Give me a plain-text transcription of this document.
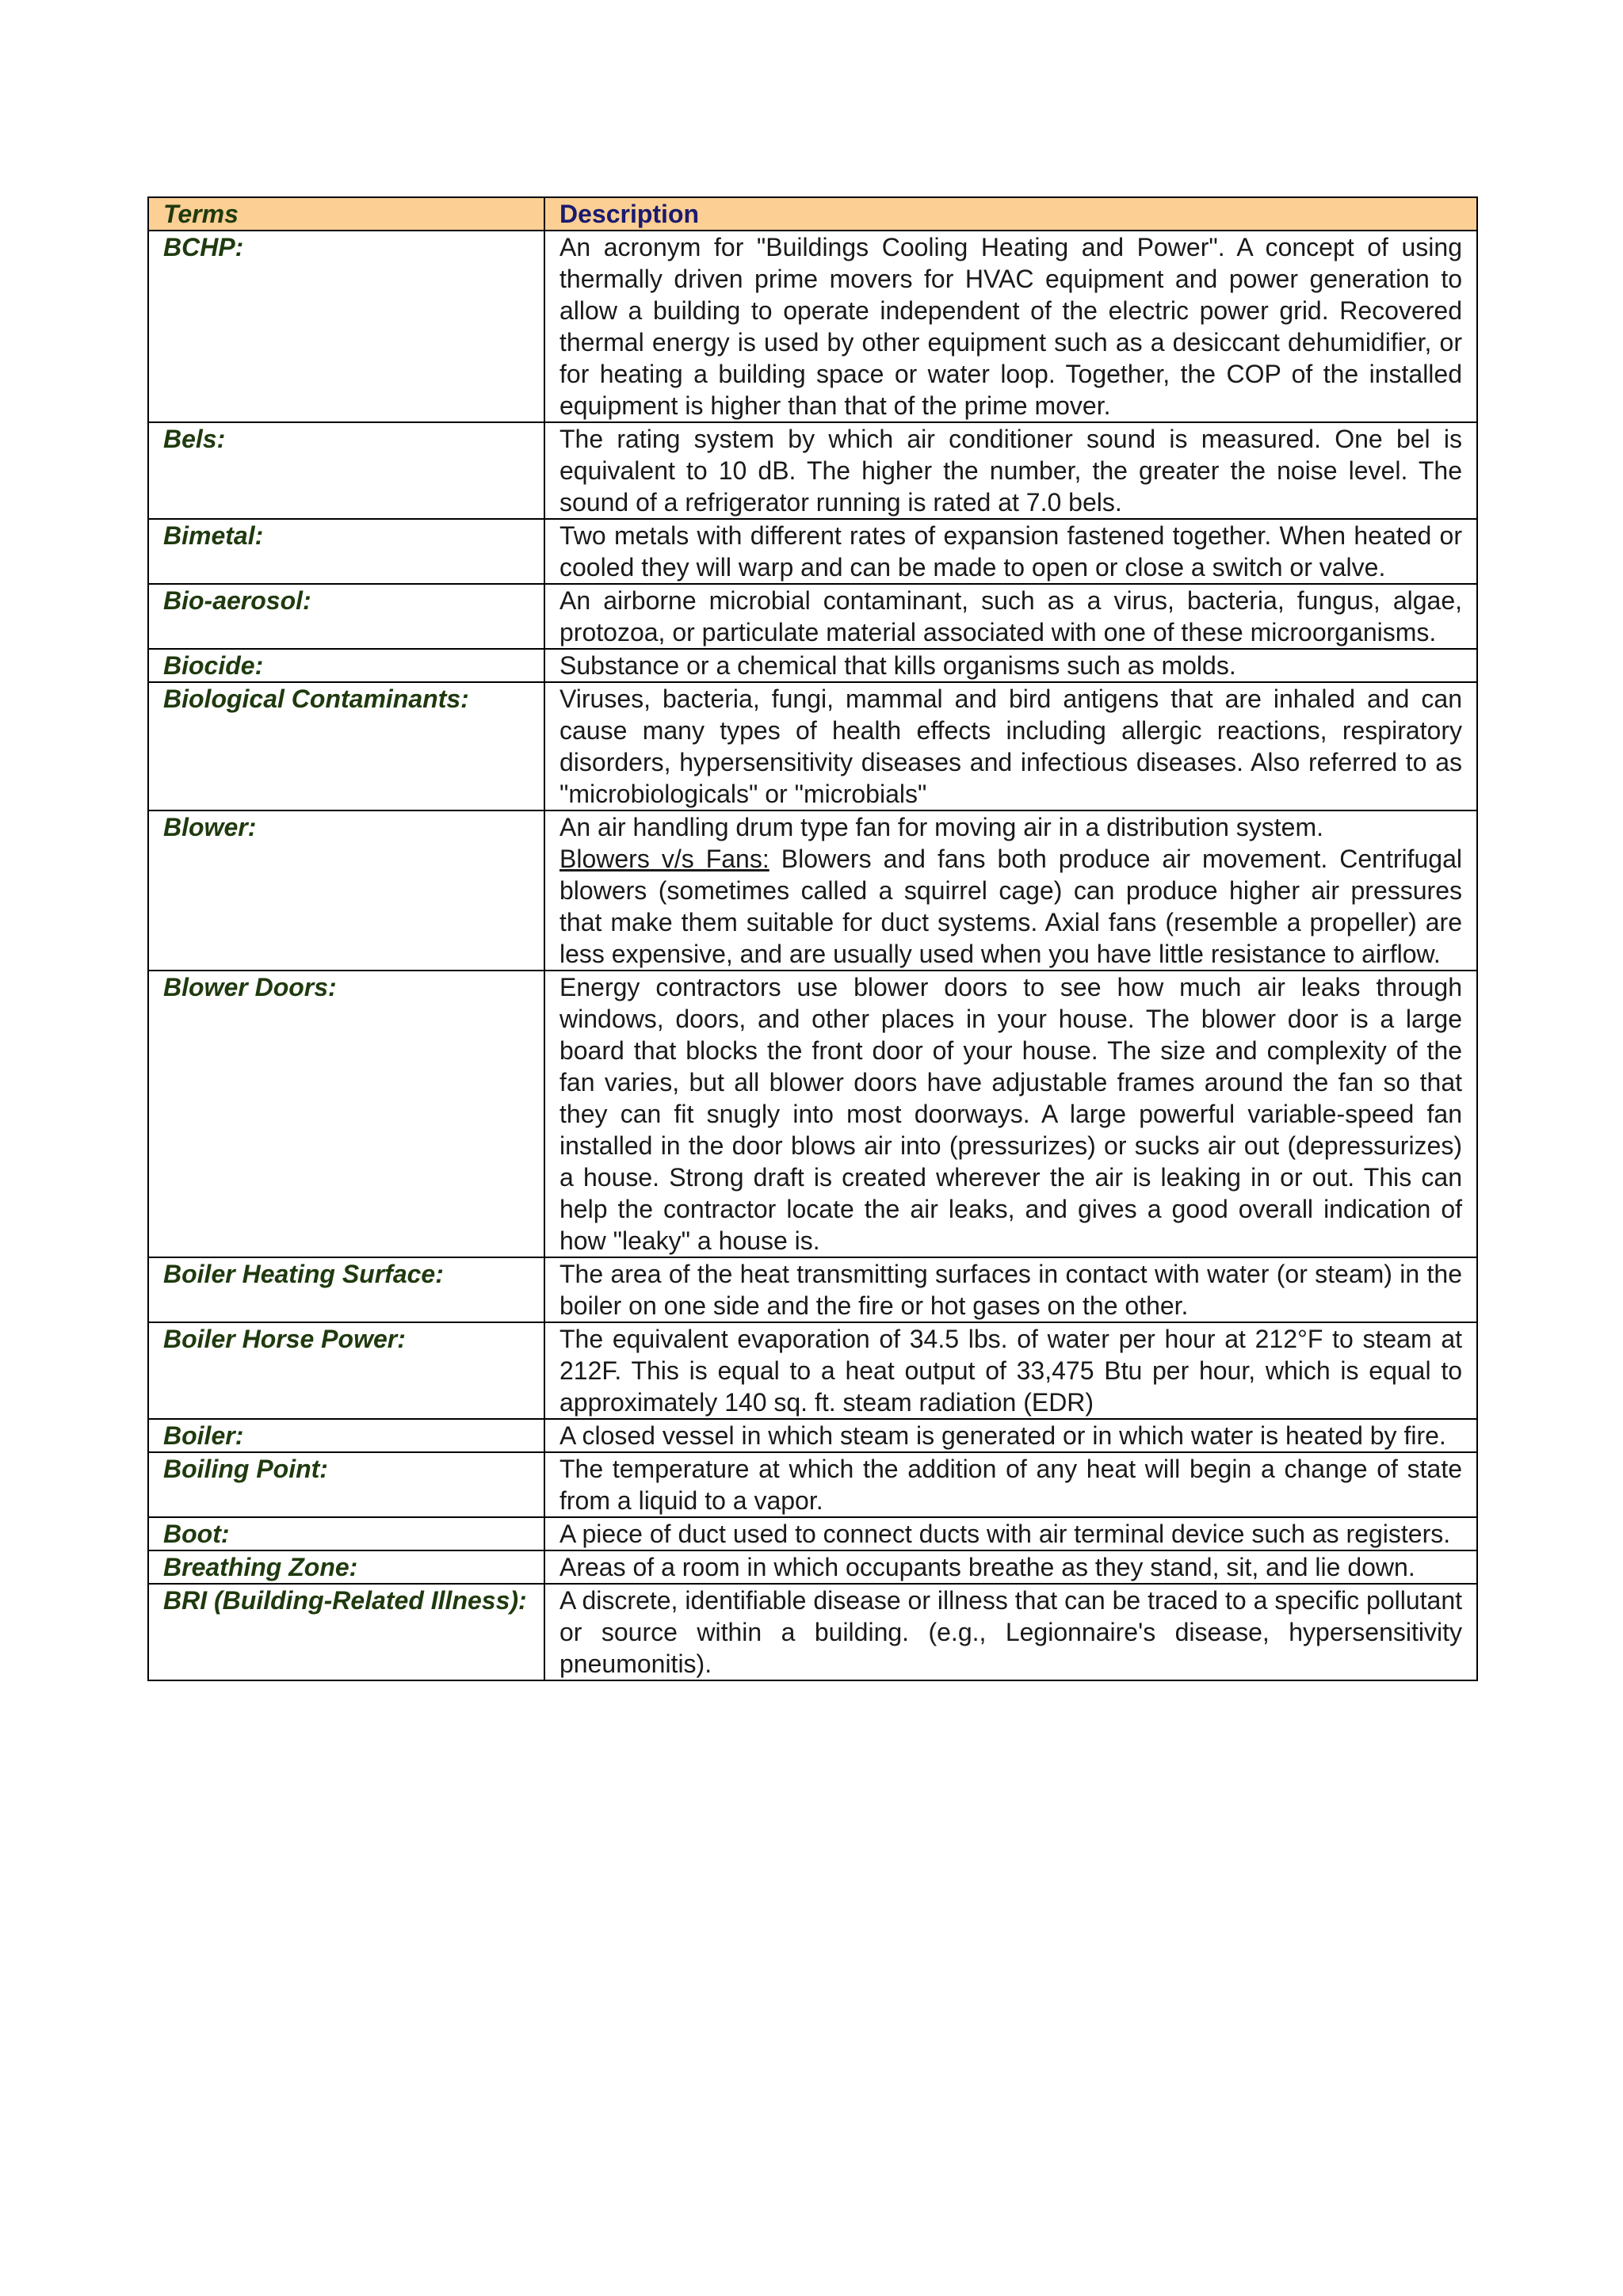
Terms	Description
BCHP:	An acronym for "Buildings Cooling Heating and Power". A concept of using thermally driven prime movers for HVAC equipment and power generation to allow a building to operate independent of the electric power grid. Recovered thermal energy is used by other equipment such as a desiccant dehumidifier, or for heating a building space or water loop. Together, the COP of the installed equipment is higher than that of the prime mover.
Bels:	The rating system by which air conditioner sound is measured. One bel is equivalent to 10 dB. The higher the number, the greater the noise level. The sound of a refrigerator running is rated at 7.0 bels.
Bimetal:	Two metals with different rates of expansion fastened together. When heated or cooled they will warp and can be made to open or close a switch or valve.
Bio-aerosol:	An airborne microbial contaminant, such as a virus, bacteria, fungus, algae, protozoa, or particulate material associated with one of these microorganisms.
Biocide:	Substance or a chemical that kills organisms such as molds.
Biological Contaminants:	Viruses, bacteria, fungi, mammal and bird antigens that are inhaled and can cause many types of health effects including allergic reactions, respiratory disorders, hypersensitivity diseases and infectious diseases. Also referred to as "microbiologicals" or "microbials"
Blower:	An air handling drum type fan for moving air in a distribution system.
Blowers v/s Fans: Blowers and fans both produce air movement. Centrifugal blowers (sometimes called a squirrel cage) can produce higher air pressures that make them suitable for duct systems. Axial fans (resemble a propeller) are less expensive, and are usually used when you have little resistance to airflow.

Blower Doors:	Energy contractors use blower doors to see how much air leaks through windows, doors, and other places in your house. The blower door is a large board that blocks the front door of your house. The size and complexity of the fan varies, but all blower doors have adjustable frames around the fan so that they can fit snugly into most doorways. A large powerful variable-speed fan installed in the door blows air into (pressurizes) or sucks air out (depressurizes) a house. Strong draft is created wherever the air is leaking in or out. This can help the contractor locate the air leaks, and gives a good overall indication of how "leaky" a house is.
Boiler Heating Surface:	The area of the heat transmitting surfaces in contact with water (or steam) in the boiler on one side and the fire or hot gases on the other.
Boiler Horse Power:	The equivalent evaporation of 34.5 lbs. of water per hour at 212°F to steam at 212F. This is equal to a heat output of 33,475 Btu per hour, which is equal to approximately 140 sq. ft. steam radiation (EDR)
Boiler:	A closed vessel in which steam is generated or in which water is heated by fire.
Boiling Point:	The temperature at which the addition of any heat will begin a change of state from a liquid to a vapor.
Boot:	A piece of duct used to connect ducts with air terminal device such as registers.
Breathing Zone:	Areas of a room in which occupants breathe as they stand, sit, and lie down.
BRI (Building-Related Illness):	A discrete, identifiable disease or illness that can be traced to a specific pollutant or source within a building. (e.g., Legionnaire's disease, hypersensitivity pneumonitis).
